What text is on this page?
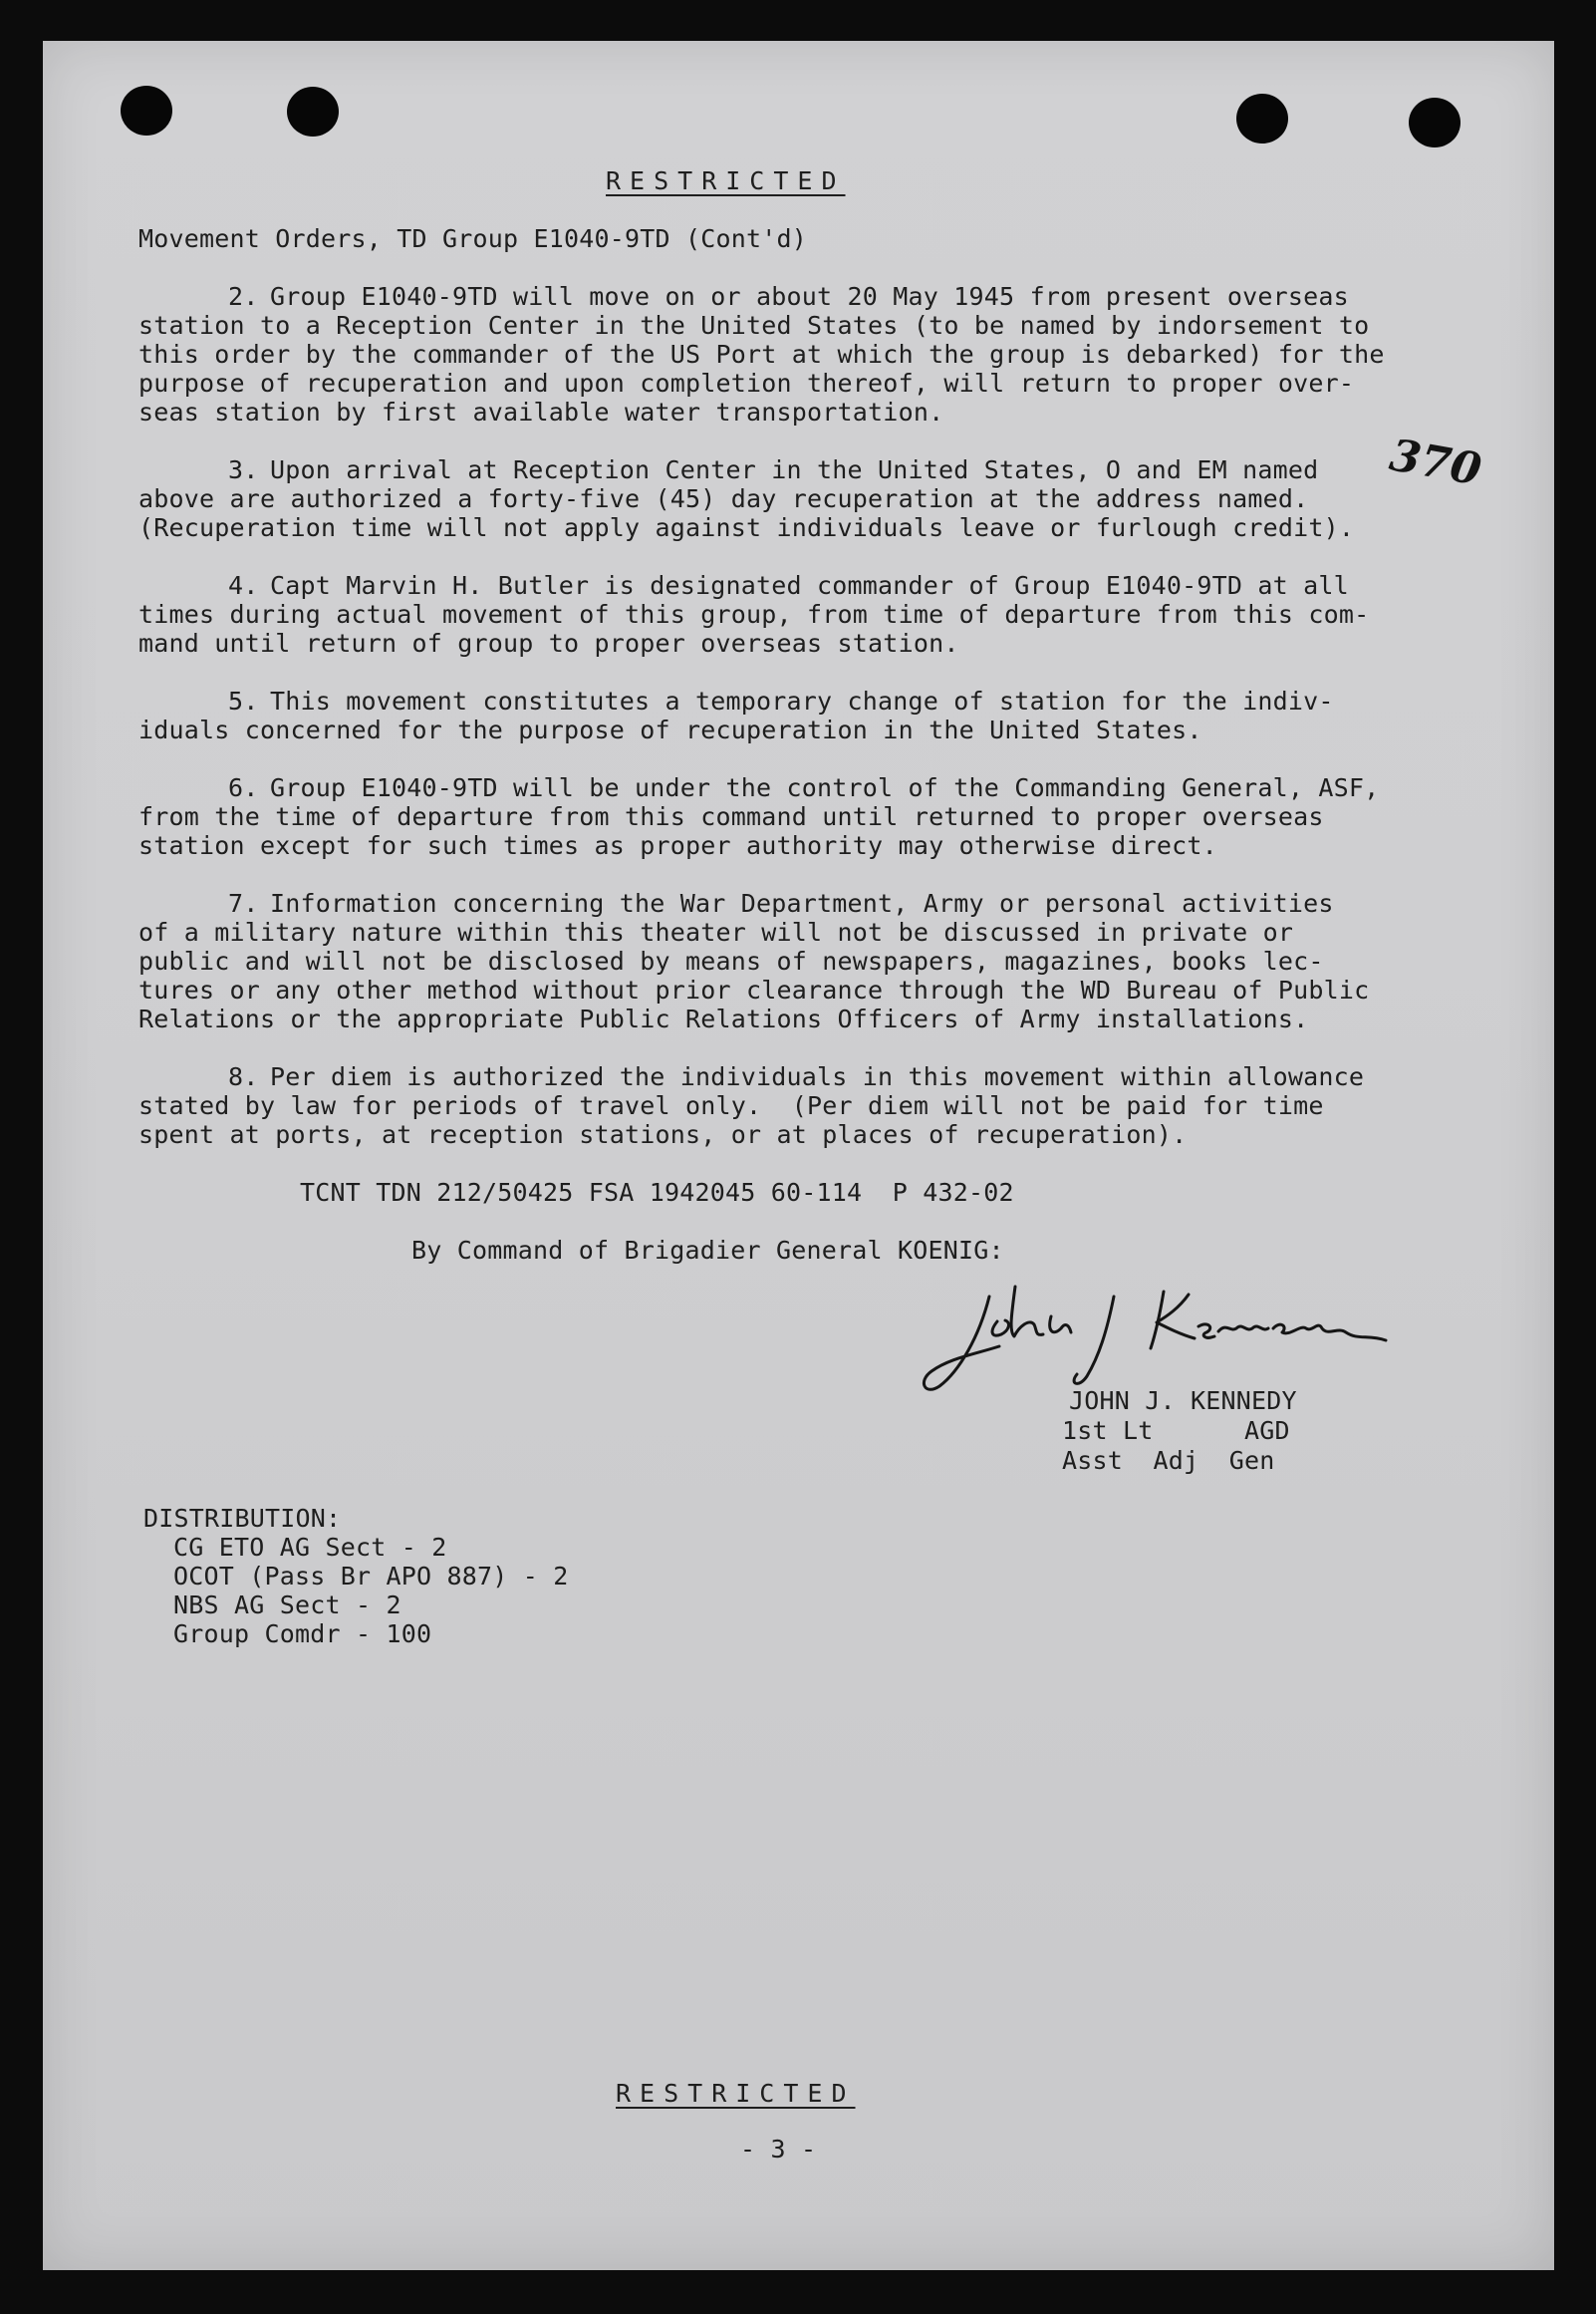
RESTRICTED
Movement Orders, TD Group E1040-9TD (Cont'd)
2. Group E1040-9TD will move on or about 20 May 1945 from present overseas
station to a Reception Center in the United States (to be named by indorsement to
this order by the commander of the US Port at which the group is debarked) for the
purpose of recuperation and upon completion thereof, will return to proper over-
seas station by first available water transportation.
3. Upon arrival at Reception Center in the United States, O and EM named
above are authorized a forty-five (45) day recuperation at the address named.
(Recuperation time will not apply against individuals leave or furlough credit).
370
4. Capt Marvin H. Butler is designated commander of Group E1040-9TD at all
times during actual movement of this group, from time of departure from this com-
mand until return of group to proper overseas station.
5. This movement constitutes a temporary change of station for the indiv-
iduals concerned for the purpose of recuperation in the United States.
6. Group E1040-9TD will be under the control of the Commanding General, ASF,
from the time of departure from this command until returned to proper overseas
station except for such times as proper authority may otherwise direct.
7. Information concerning the War Department, Army or personal activities
of a military nature within this theater will not be discussed in private or
public and will not be disclosed by means of newspapers, magazines, books lec-
tures or any other method without prior clearance through the WD Bureau of Public
Relations or the appropriate Public Relations Officers of Army installations.
8. Per diem is authorized the individuals in this movement within allowance
stated by law for periods of travel only.  (Per diem will not be paid for time
spent at ports, at reception stations, or at places of recuperation).
TCNT TDN 212/50425 FSA 1942045 60-114  P 432-02
By Command of Brigadier General KOENIG:
JOHN J. KENNEDY
1st Lt      AGD
Asst  Adj  Gen
DISTRIBUTION:
CG ETO AG Sect - 2
OCOT (Pass Br APO 887) - 2
NBS AG Sect - 2
Group Comdr - 100
RESTRICTED
- 3 -
